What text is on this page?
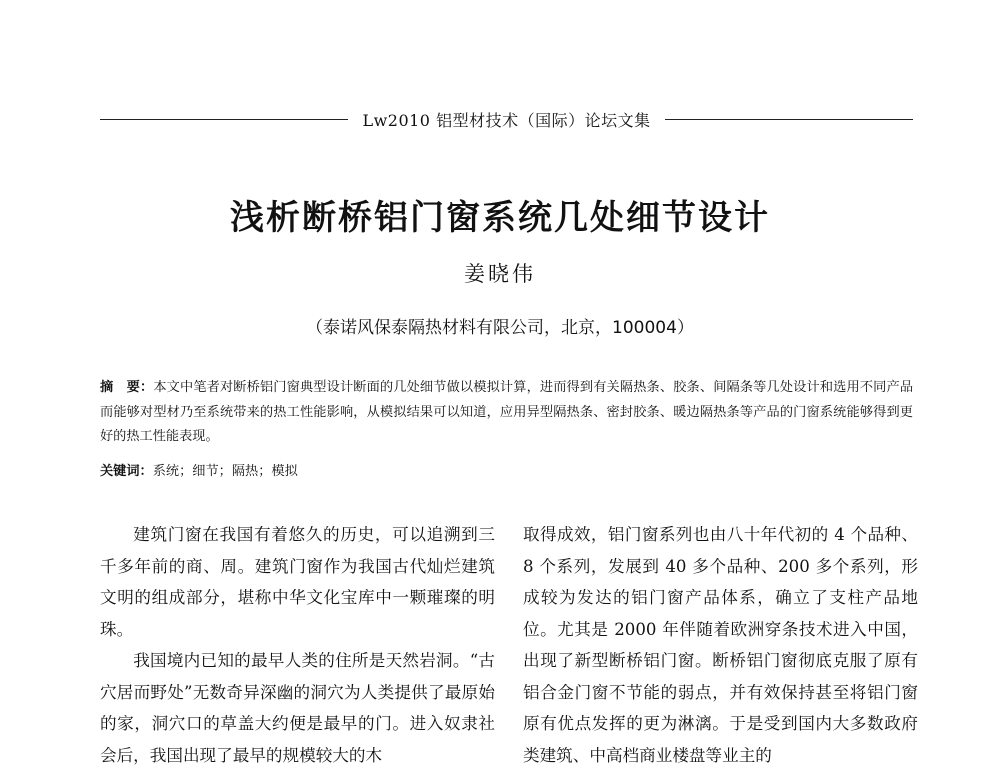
Lw2010 铝型材技术（国际）论坛文集
浅析断桥铝门窗系统几处细节设计
姜晓伟
（泰诺风保泰隔热材料有限公司，北京，100004）
摘　要：本文中笔者对断桥铝门窗典型设计断面的几处细节做以模拟计算，进而得到有关隔热条、胶条、间隔条等几处设计和选用不同产品而能够对型材乃至系统带来的热工性能影响，从模拟结果可以知道，应用异型隔热条、密封胶条、暖边隔热条等产品的门窗系统能够得到更好的热工性能表现。
关键词：系统；细节；隔热；模拟

建筑门窗在我国有着悠久的历史，可以追溯到三千多年前的商、周。建筑门窗作为我国古代灿烂建筑文明的组成部分，堪称中华文化宝库中一颗璀璨的明珠。

我国境内已知的最早人类的住所是天然岩洞。“古穴居而野处”无数奇异深幽的洞穴为人类提供了最原始的家，洞穴口的草盖大约便是最早的门。进入奴隶社会后，我国出现了最早的规模较大的木

取得成效，铝门窗系列也由八十年代初的 4 个品种、8 个系列，发展到 40 多个品种、200 多个系列，形成较为发达的铝门窗产品体系，确立了支柱产品地位。尤其是 2000 年伴随着欧洲穿条技术进入中国，出现了新型断桥铝门窗。断桥铝门窗彻底克服了原有铝合金门窗不节能的弱点，并有效保持甚至将铝门窗原有优点发挥的更为淋漓。于是受到国内大多数政府类建筑、中高档商业楼盘等业主的
